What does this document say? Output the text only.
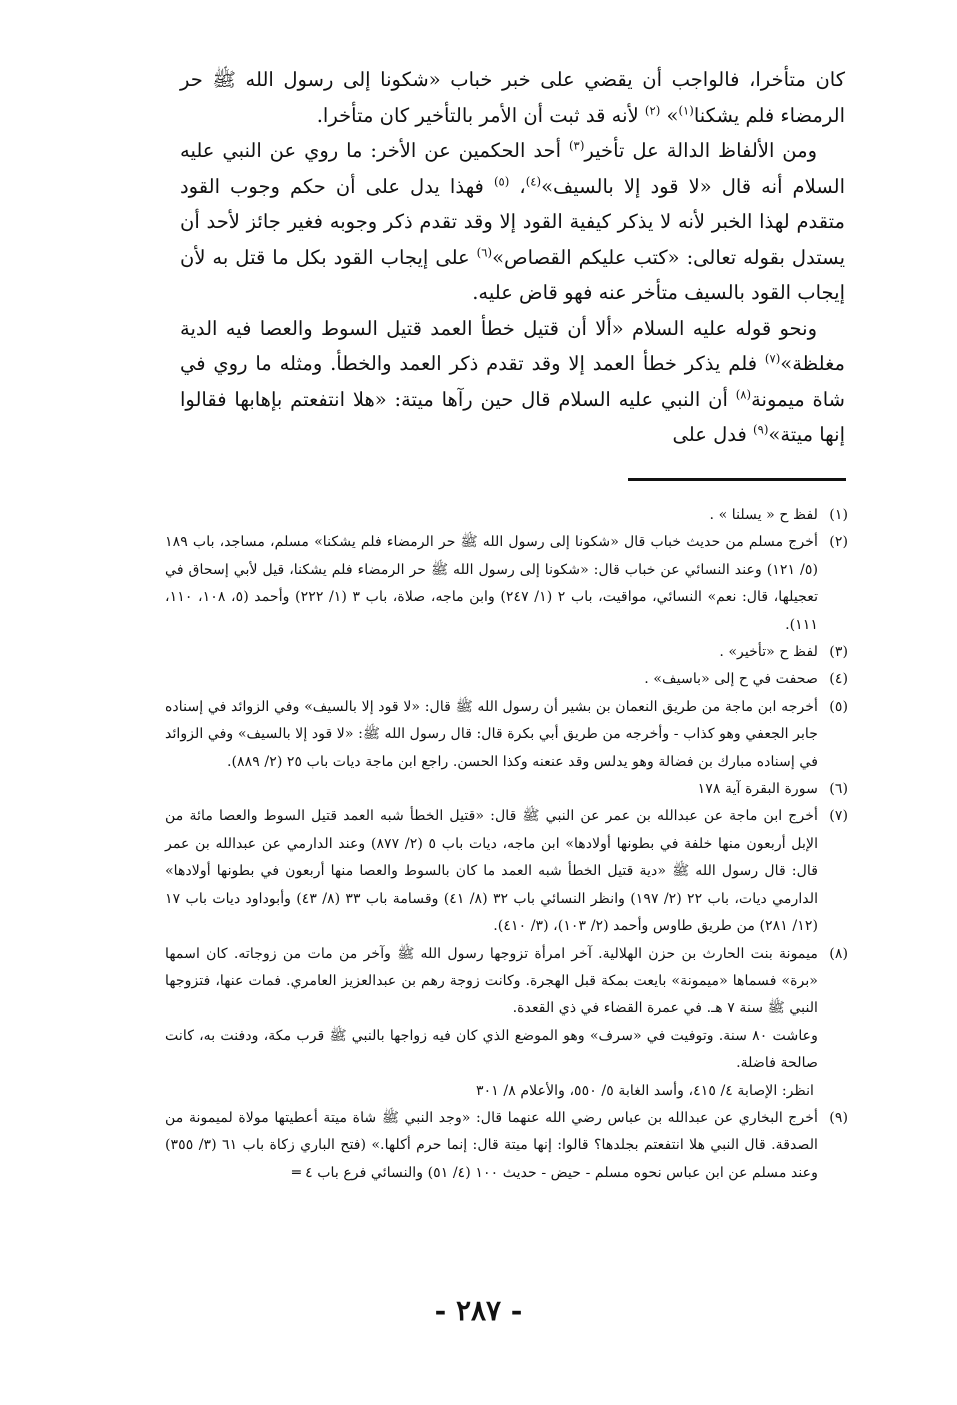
كان متأخرا، فالواجب أن يقضي على خبر خباب «شكونا إلى رسول الله ﷺ حر الرمضاء فلم يشكنا$^{(١)}$» $^{(٢)}$ لأنه قد ثبت أن الأمر بالتأخير كان متأخرا.

ومن الألفاظ الدالة عل تأخير$^{(٣)}$ أحد الحكمين عن الأخر: ما روي عن النبي عليه السلام أنه قال «لا قود إلا بالسيف»$^{(٤)}$، $^{(٥)}$ فهذا يدل على أن حكم وجوب القود متقدم لهذا الخبر لأنه لا يذكر كيفية القود إلا وقد تقدم ذكر وجوبه فغير جائز لأحد أن يستدل بقوله تعالى: «كتب عليكم القصاص»$^{(٦)}$ على إيجاب القود بكل ما قتل به لأن إيجاب القود بالسيف متأخر عنه فهو قاض عليه.

ونحو قوله عليه السلام «ألا أن قتيل خطأ العمد قتيل السوط والعصا فيه الدية مغلظة»$^{(٧)}$ فلم يذكر خطأ العمد إلا وقد تقدم ذكر العمد والخطأ. ومثله ما روي في شاة ميمونة$^{(٨)}$ أن النبي عليه السلام قال حين رآها ميتة: «هلا انتفعتم بإهابها فقالوا إنها ميتة»$^{(٩)}$ فدل على

(١)
لفظ ح « يسلنا » .
(٢)
أخرج مسلم من حديث خباب قال «شكونا إلى رسول الله ﷺ حر الرمضاء فلم يشكنا» مسلم، مساجد، باب ١٨٩ (٥/ ١٢١) وعند النسائي عن خباب قال: «شكونا إلى رسول الله ﷺ حر الرمضاء فلم يشكنا، قيل لأبي إسحاق في تعجيلها، قال: نعم» النسائي، مواقيت، باب ٢ (١/ ٢٤٧) وابن ماجه، صلاة، باب ٣ (١/ ٢٢٢) وأحمد (٥، ١٠٨، ١١٠، ١١١).
(٣)
لفظ ح «تأخير» .
(٤)
صحفت في ح إلى «باسيف» .
(٥)
أخرجه ابن ماجة من طريق النعمان بن بشير أن رسول الله ﷺ قال: «لا قود إلا بالسيف» وفي الزوائد في إسناده جابر الجعفي وهو كذاب - وأخرجه من طريق أبي بكرة قال: قال رسول الله ﷺ: «لا قود إلا بالسيف» وفي الزوائد في إسناده مبارك بن فضالة وهو يدلس وقد عنعنه وكذا الحسن. راجع ابن ماجة ديات باب ٢٥ (٢/ ٨٨٩).
(٦)
سورة البقرة آية ١٧٨
(٧)
أخرج ابن ماجة عن عبدالله بن عمر عن النبي ﷺ قال: «قتيل الخطأ شبه العمد قتيل السوط والعصا مائة من الإبل أربعون منها خلفة في بطونها أولادها» ابن ماجه، ديات باب ٥ (٢/ ٨٧٧) وعند الدارمي عن عبدالله بن عمر قال: قال رسول الله ﷺ «دية قتيل الخطأ شبه العمد ما كان بالسوط والعصا منها أربعون في بطونها أولادها» الدارمي ديات، باب ٢٢ (٢/ ١٩٧) وانظر النسائي باب ٣٢ (٨/ ٤١) وقسامة باب ٣٣ (٨/ ٤٣) وأبوداود ديات باب ١٧ (١٢/ ٢٨١) من طريق طاوس وأحمد (٢/ ١٠٣)، (٣/ ٤١٠).
(٨)
ميمونة بنت الحارث بن حزن الهلالية. آخر امرأة تزوجها رسول الله ﷺ وآخر من مات من زوجاته. كان اسمها «برة» فسماها «ميمونة» بايعت بمكة قبل الهجرة. وكانت زوجة رهم بن عبدالعزيز العامري. فمات عنها، فتزوجها النبي ﷺ سنة ٧ هـ. في عمرة القضاء في ذي القعدة.
وعاشت ٨٠ سنة. وتوفيت في «سرف» وهو الموضع الذي كان فيه زواجها بالنبي ﷺ قرب مكة، ودفنت به، كانت صالحة فاضلة.
انظر: الإصابة ٤/ ٤١٥، وأسد الغابة ٥/ ٥٥٠، والأعلام ٨/ ٣٠١
(٩)
أخرج البخاري عن عبدالله بن عباس رضي الله عنهما قال: «وجد النبي ﷺ شاة ميتة أعطيتها مولاة لميمونة من الصدقة. قال النبي هلا انتفعتم بجلدها؟ قالوا: إنها ميتة قال: إنما حرم أكلها.» (فتح الباري زكاة باب ٦١ (٣/ ٣٥٥) وعند مسلم عن ابن عباس نحوه مسلم - حيض - حديث ١٠٠ (٤/ ٥١) والنسائي فرع باب ٤ ═
- ٢٨٧ -
